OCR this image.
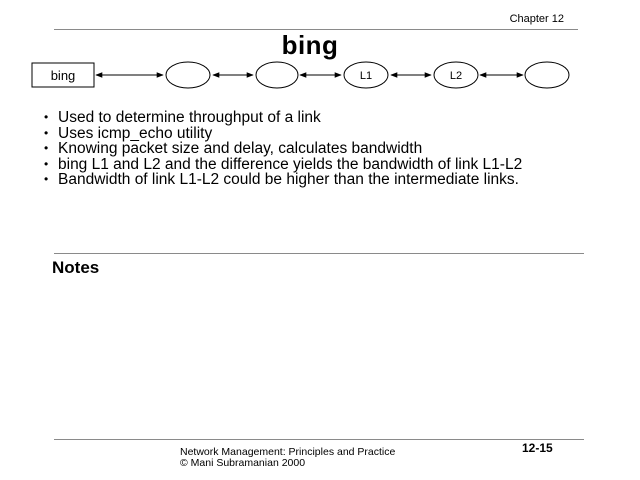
Chapter 12
bing
bing	L1	L2
• Used to determine throughput of a link
• Uses icmp_echo utility
• Knowing packet size and delay, calculates bandwidth
• bing L1 and L2 and the difference yields the bandwidth of link L1-L2
• Bandwidth of link L1-L2 could be higher than the intermediate links.
Notes
Network Management: Principles and Practice
© Mani Subramanian 2000
12-15
